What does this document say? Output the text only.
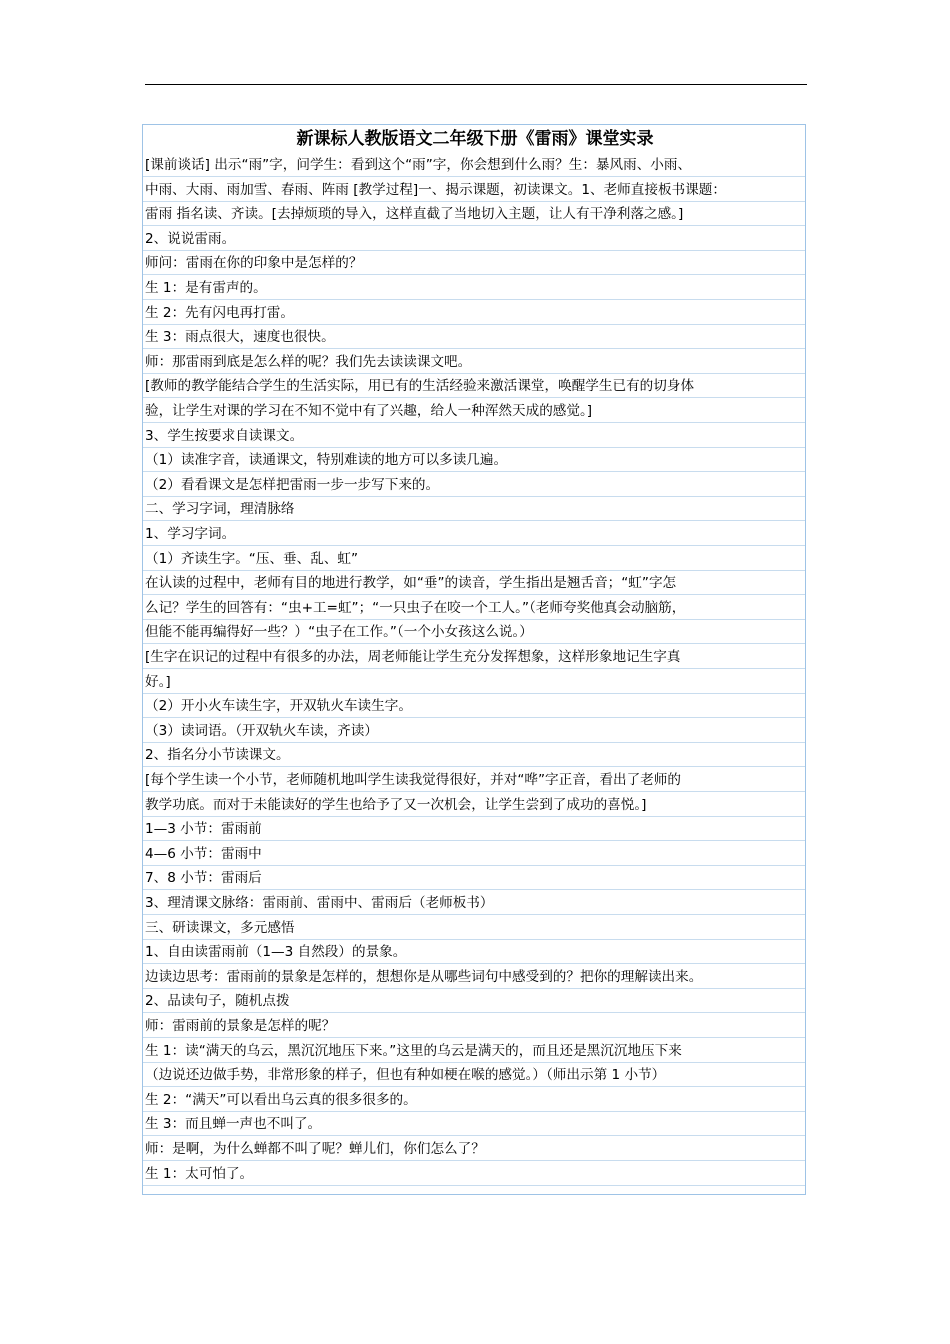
新课标人教版语文二年级下册《雷雨》课堂实录
[课前谈话] 出示“雨”字，问学生：看到这个“雨”字，你会想到什么雨？生：暴风雨、小雨、
中雨、大雨、雨加雪、春雨、阵雨 [教学过程]一、揭示课题，初读课文。1、老师直接板书课题：
雷雨 指名读、齐读。[去掉烦琐的导入，这样直截了当地切入主题，让人有干净利落之感。]
2、说说雷雨。
师问：雷雨在你的印象中是怎样的？
生 1：是有雷声的。
生 2：先有闪电再打雷。
生 3：雨点很大，速度也很快。
师：那雷雨到底是怎么样的呢？我们先去读读课文吧。
[教师的教学能结合学生的生活实际，用已有的生活经验来激活课堂，唤醒学生已有的切身体
验，让学生对课的学习在不知不觉中有了兴趣，给人一种浑然天成的感觉。]
3、学生按要求自读课文。
（1）读准字音，读通课文，特别难读的地方可以多读几遍。
（2）看看课文是怎样把雷雨一步一步写下来的。
二、学习字词，理清脉络
1、学习字词。
（1）齐读生字。“压、垂、乱、虹”
在认读的过程中，老师有目的地进行教学，如“垂”的读音，学生指出是翘舌音；“虹”字怎
么记？学生的回答有：“虫+工=虹”；“一只虫子在咬一个工人。”（老师夸奖他真会动脑筋，
但能不能再编得好一些？）“虫子在工作。”（一个小女孩这么说。）
[生字在识记的过程中有很多的办法，周老师能让学生充分发挥想象，这样形象地记生字真
好。]
（2）开小火车读生字，开双轨火车读生字。
（3）读词语。（开双轨火车读，齐读）
2、指名分小节读课文。
[每个学生读一个小节，老师随机地叫学生读我觉得很好，并对“哗”字正音，看出了老师的
教学功底。而对于未能读好的学生也给予了又一次机会，让学生尝到了成功的喜悦。]
1—3 小节：雷雨前
4—6 小节：雷雨中
7、8 小节：雷雨后
3、理清课文脉络：雷雨前、雷雨中、雷雨后（老师板书）
三、研读课文，多元感悟
1、自由读雷雨前（1—3 自然段）的景象。
边读边思考：雷雨前的景象是怎样的，想想你是从哪些词句中感受到的？把你的理解读出来。
2、品读句子，随机点拨
师：雷雨前的景象是怎样的呢？
生 1：读“满天的乌云，黑沉沉地压下来。”这里的乌云是满天的，而且还是黑沉沉地压下来
（边说还边做手势，非常形象的样子，但也有种如梗在喉的感觉。）（师出示第 1 小节）
生 2：“满天”可以看出乌云真的很多很多的。
生 3：而且蝉一声也不叫了。
师：是啊，为什么蝉都不叫了呢？蝉儿们，你们怎么了？
生 1：太可怕了。
